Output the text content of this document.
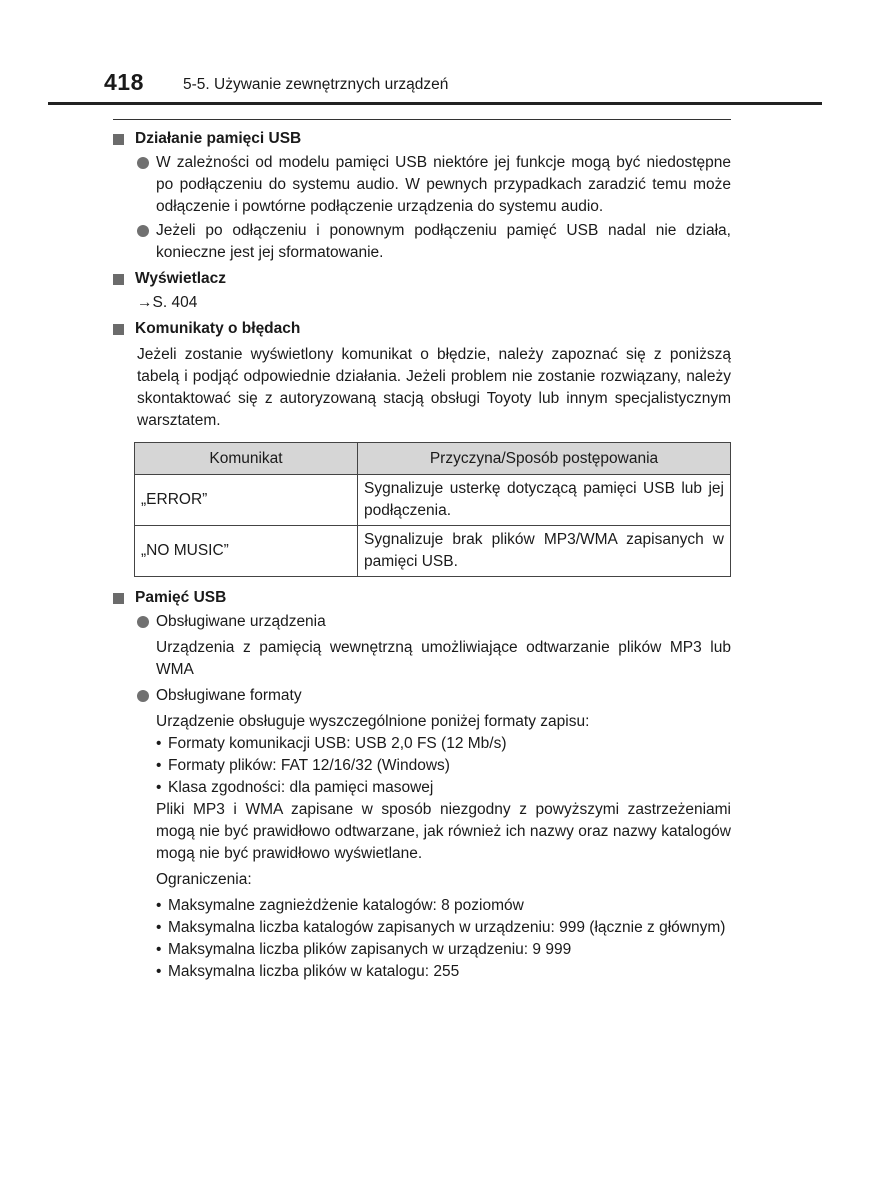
418	5-5. Używanie zewnętrznych urządzeń
Działanie pamięci USB
W zależności od modelu pamięci USB niektóre jej funkcje mogą być niedostępne po podłączeniu do systemu audio. W pewnych przypadkach zaradzić temu może odłączenie i powtórne podłączenie urządzenia do systemu audio.
Jeżeli po odłączeniu i ponownym podłączeniu pamięć USB nadal nie działa, konieczne jest jej sformatowanie.
Wyświetlacz
→S. 404
Komunikaty o błędach
Jeżeli zostanie wyświetlony komunikat o błędzie, należy zapoznać się z poniższą tabelą i podjąć odpowiednie działania. Jeżeli problem nie zostanie rozwiązany, należy skontaktować się z autoryzowaną stacją obsługi Toyoty lub innym specjalistycznym warsztatem.
Komunikat	Przyczyna/Sposób postępowania
„ERROR”	Sygnalizuje usterkę dotyczącą pamięci USB lub jej podłączenia.
„NO MUSIC”	Sygnalizuje brak plików MP3/WMA zapisanych w pamięci USB.
Pamięć USB
Obsługiwane urządzenia
Urządzenia z pamięcią wewnętrzną umożliwiające odtwarzanie plików MP3 lub WMA
Obsługiwane formaty
Urządzenie obsługuje wyszczególnione poniżej formaty zapisu:
• Formaty komunikacji USB: USB 2,0 FS (12 Mb/s)
• Formaty plików: FAT 12/16/32 (Windows)
• Klasa zgodności: dla pamięci masowej
Pliki MP3 i WMA zapisane w sposób niezgodny z powyższymi zastrzeżeniami mogą nie być prawidłowo odtwarzane, jak również ich nazwy oraz nazwy katalogów mogą nie być prawidłowo wyświetlane.
Ograniczenia:
• Maksymalne zagnieżdżenie katalogów: 8 poziomów
• Maksymalna liczba katalogów zapisanych w urządzeniu: 999 (łącznie z głównym)
• Maksymalna liczba plików zapisanych w urządzeniu: 9 999
• Maksymalna liczba plików w katalogu: 255
